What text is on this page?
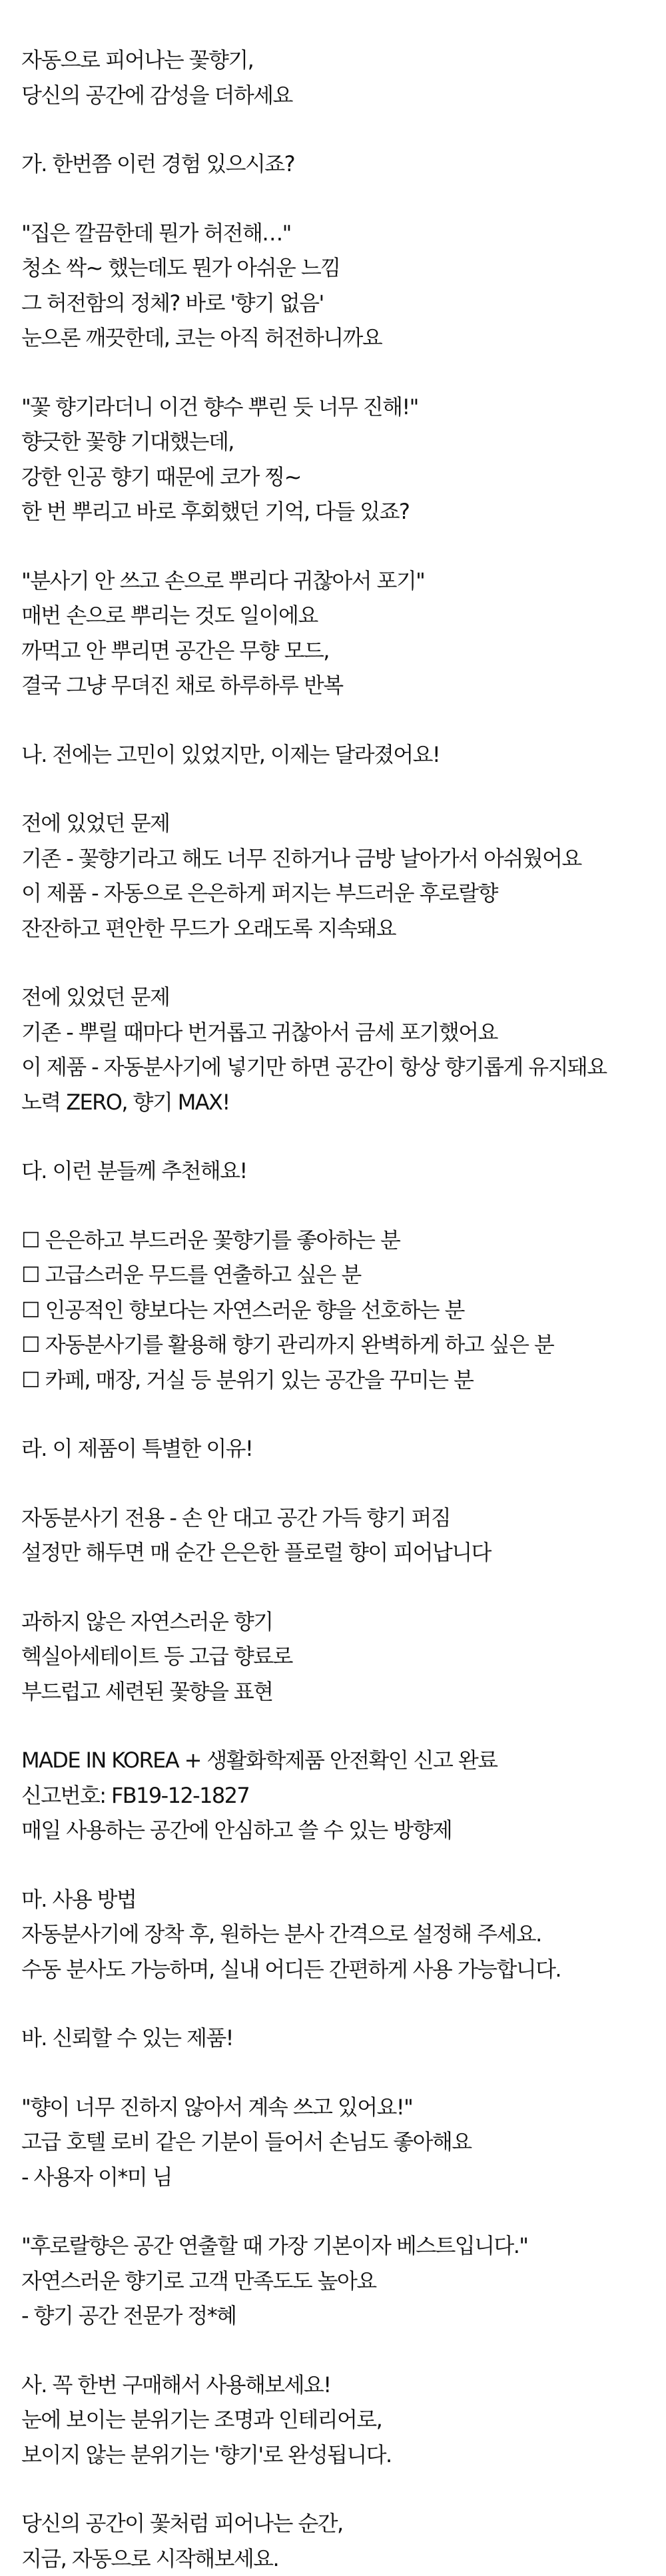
자동으로 피어나는 꽃향기,
당신의 공간에 감성을 더하세요
가. 한번쯤 이런 경험 있으시죠?
"집은 깔끔한데 뭔가 허전해…"
청소 싹~ 했는데도 뭔가 아쉬운 느낌
그 허전함의 정체? 바로 '향기 없음'
눈으론 깨끗한데, 코는 아직 허전하니까요
"꽃 향기라더니 이건 향수 뿌린 듯 너무 진해!"
향긋한 꽃향 기대했는데,
강한 인공 향기 때문에 코가 찡~
한 번 뿌리고 바로 후회했던 기억, 다들 있죠?
"분사기 안 쓰고 손으로 뿌리다 귀찮아서 포기"
매번 손으로 뿌리는 것도 일이에요
까먹고 안 뿌리면 공간은 무향 모드,
결국 그냥 무뎌진 채로 하루하루 반복
나. 전에는 고민이 있었지만, 이제는 달라졌어요!
전에 있었던 문제
기존 - 꽃향기라고 해도 너무 진하거나 금방 날아가서 아쉬웠어요
이 제품 - 자동으로 은은하게 퍼지는 부드러운 후로랄향
잔잔하고 편안한 무드가 오래도록 지속돼요
전에 있었던 문제
기존 - 뿌릴 때마다 번거롭고 귀찮아서 금세 포기했어요
이 제품 - 자동분사기에 넣기만 하면 공간이 항상 향기롭게 유지돼요
노력 ZERO, 향기 MAX!
다. 이런 분들께 추천해요!
☐ 은은하고 부드러운 꽃향기를 좋아하는 분
☐ 고급스러운 무드를 연출하고 싶은 분
☐ 인공적인 향보다는 자연스러운 향을 선호하는 분
☐ 자동분사기를 활용해 향기 관리까지 완벽하게 하고 싶은 분
☐ 카페, 매장, 거실 등 분위기 있는 공간을 꾸미는 분
라. 이 제품이 특별한 이유!
자동분사기 전용 - 손 안 대고 공간 가득 향기 퍼짐
설정만 해두면 매 순간 은은한 플로럴 향이 피어납니다
과하지 않은 자연스러운 향기
헥실아세테이트 등 고급 향료로
부드럽고 세련된 꽃향을 표현
MADE IN KOREA + 생활화학제품 안전확인 신고 완료
신고번호: FB19-12-1827
매일 사용하는 공간에 안심하고 쓸 수 있는 방향제
마. 사용 방법
자동분사기에 장착 후, 원하는 분사 간격으로 설정해 주세요.
수동 분사도 가능하며, 실내 어디든 간편하게 사용 가능합니다.
바. 신뢰할 수 있는 제품!
"향이 너무 진하지 않아서 계속 쓰고 있어요!"
고급 호텔 로비 같은 기분이 들어서 손님도 좋아해요
- 사용자 이*미 님
"후로랄향은 공간 연출할 때 가장 기본이자 베스트입니다."
자연스러운 향기로 고객 만족도도 높아요
- 향기 공간 전문가 정*혜
사. 꼭 한번 구매해서 사용해보세요!
눈에 보이는 분위기는 조명과 인테리어로,
보이지 않는 분위기는 '향기'로 완성됩니다.
당신의 공간이 꽃처럼 피어나는 순간,
지금, 자동으로 시작해보세요.
